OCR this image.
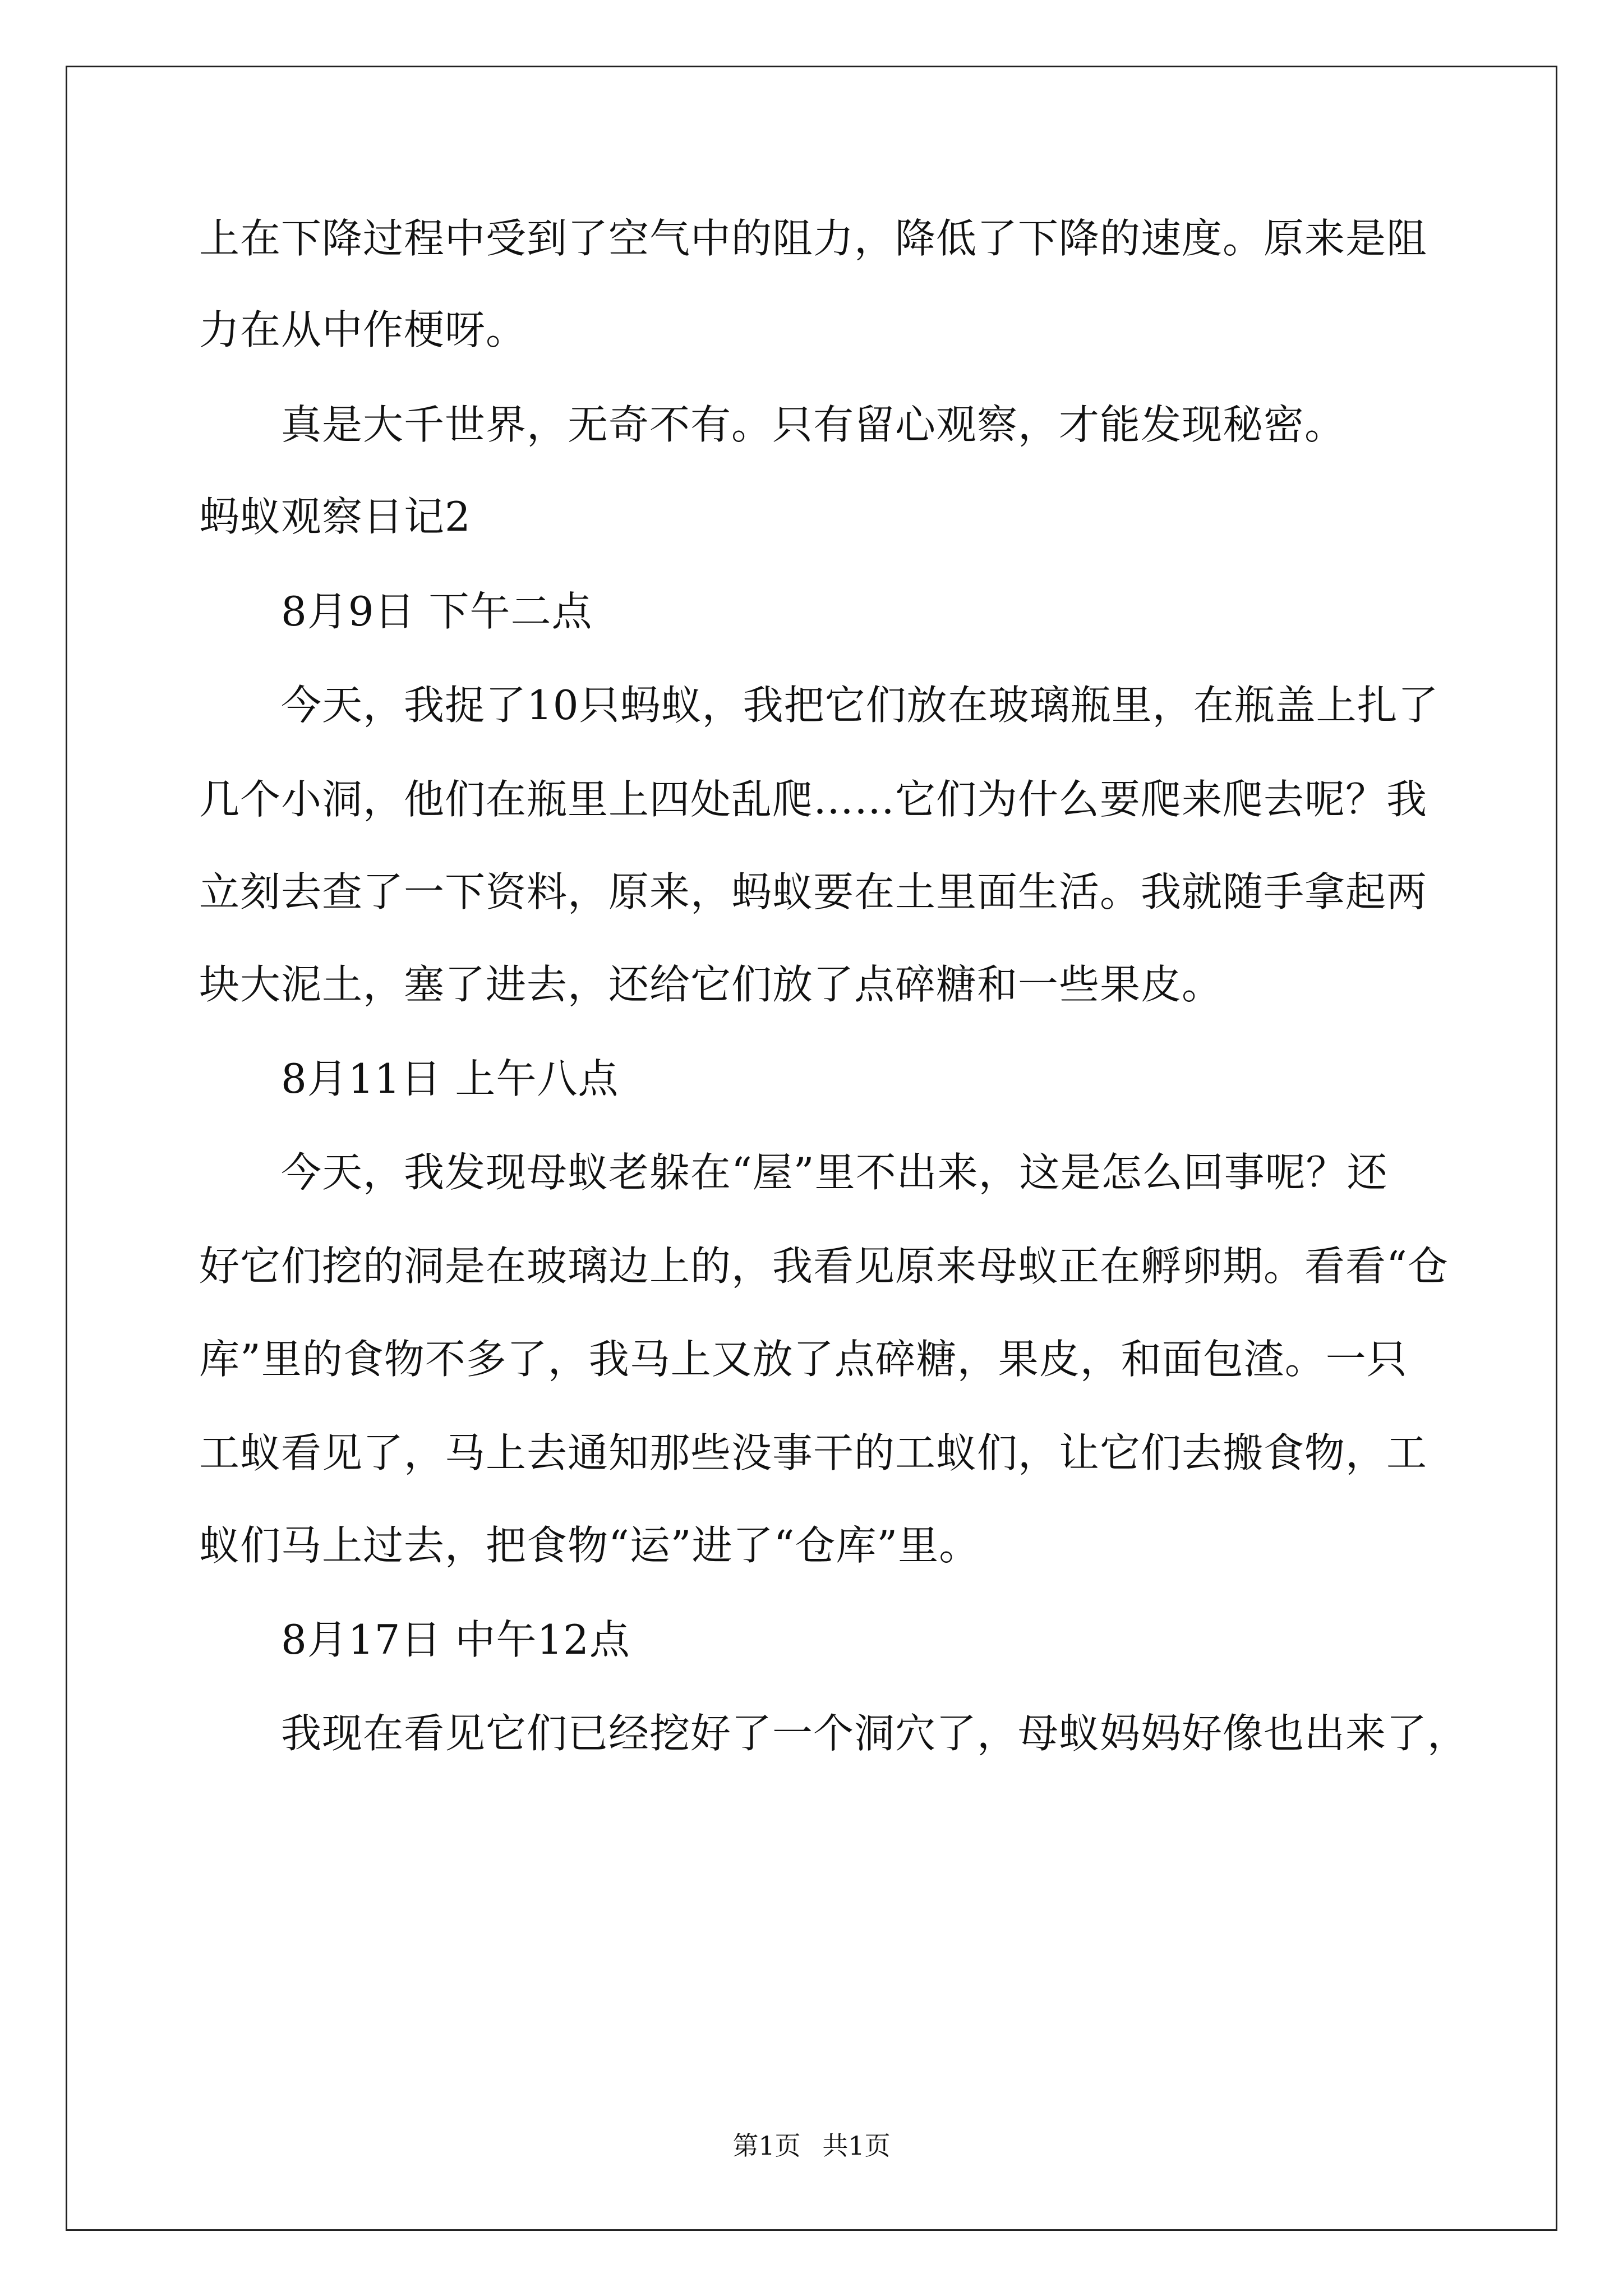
上在下降过程中受到了空气中的阻力，降低了下降的速度。原来是阻
力在从中作梗呀。
真是大千世界，无奇不有。只有留心观察，才能发现秘密。
蚂蚁观察日记2
8月9日 下午二点
今天，我捉了10只蚂蚁，我把它们放在玻璃瓶里，在瓶盖上扎了
几个小洞，他们在瓶里上四处乱爬……它们为什么要爬来爬去呢？我
立刻去查了一下资料，原来，蚂蚁要在土里面生活。我就随手拿起两
块大泥土，塞了进去，还给它们放了点碎糖和一些果皮。
8月11日 上午八点
今天，我发现母蚁老躲在“屋”里不出来，这是怎么回事呢？还
好它们挖的洞是在玻璃边上的，我看见原来母蚁正在孵卵期。看看“仓
库”里的食物不多了，我马上又放了点碎糖，果皮，和面包渣。一只
工蚁看见了，马上去通知那些没事干的工蚁们，让它们去搬食物，工
蚁们马上过去，把食物“运”进了“仓库”里。
8月17日 中午12点
我现在看见它们已经挖好了一个洞穴了，母蚁妈妈好像也出来了，
第1页 共1页
